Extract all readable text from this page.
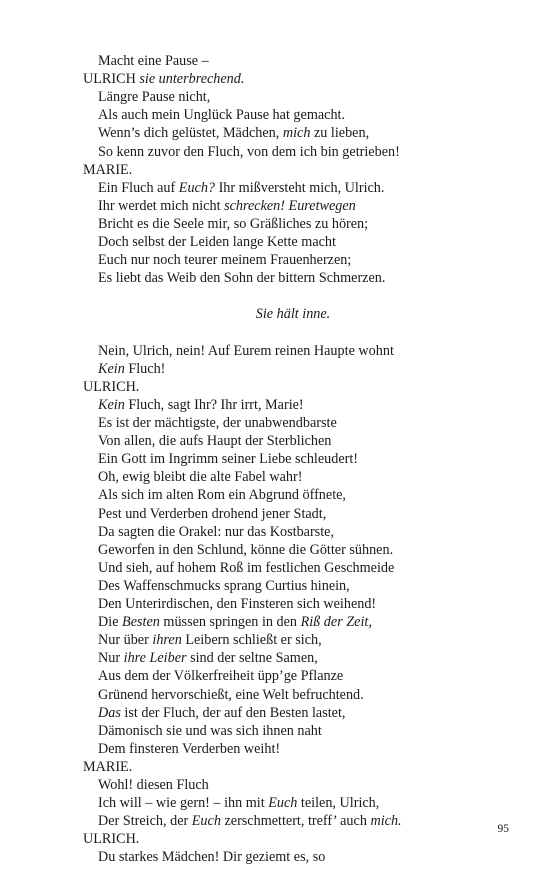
Macht eine Pause –
ULRICH sie unterbrechend.
Längre Pause nicht,
Als auch mein Unglück Pause hat gemacht.
Wenn’s dich gelüstet, Mädchen, mich zu lieben,
So kenn zuvor den Fluch, von dem ich bin getrieben!
MARIE.
Ein Fluch auf Euch? Ihr mißversteht mich, Ulrich.
Ihr werdet mich nicht schrecken! Euretwegen
Bricht es die Seele mir, so Gräßliches zu hören;
Doch selbst der Leiden lange Kette macht
Euch nur noch teurer meinem Frauenherzen;
Es liebt das Weib den Sohn der bittern Schmerzen.
Sie hält inne.
Nein, Ulrich, nein! Auf Eurem reinen Haupte wohnt
Kein Fluch!
ULRICH.
Kein Fluch, sagt Ihr? Ihr irrt, Marie!
Es ist der mächtigste, der unabwendbarste
Von allen, die aufs Haupt der Sterblichen
Ein Gott im Ingrimm seiner Liebe schleudert!
Oh, ewig bleibt die alte Fabel wahr!
Als sich im alten Rom ein Abgrund öffnete,
Pest und Verderben drohend jener Stadt,
Da sagten die Orakel: nur das Kostbarste,
Geworfen in den Schlund, könne die Götter sühnen.
Und sieh, auf hohem Roß im festlichen Geschmeide
Des Waffenschmucks sprang Curtius hinein,
Den Unterirdischen, den Finsteren sich weihend!
Die Besten müssen springen in den Riß der Zeit,
Nur über ihren Leibern schließt er sich,
Nur ihre Leiber sind der seltne Samen,
Aus dem der Völkerfreiheit üpp’ge Pflanze
Grünend hervorschießt, eine Welt befruchtend.
Das ist der Fluch, der auf den Besten lastet,
Dämonisch sie und was sich ihnen naht
Dem finsteren Verderben weiht!
MARIE.
Wohl! diesen Fluch
Ich will – wie gern! – ihn mit Euch teilen, Ulrich,
Der Streich, der Euch zerschmettert, treff’ auch mich.
ULRICH.
Du starkes Mädchen! Dir geziemt es, so
95
